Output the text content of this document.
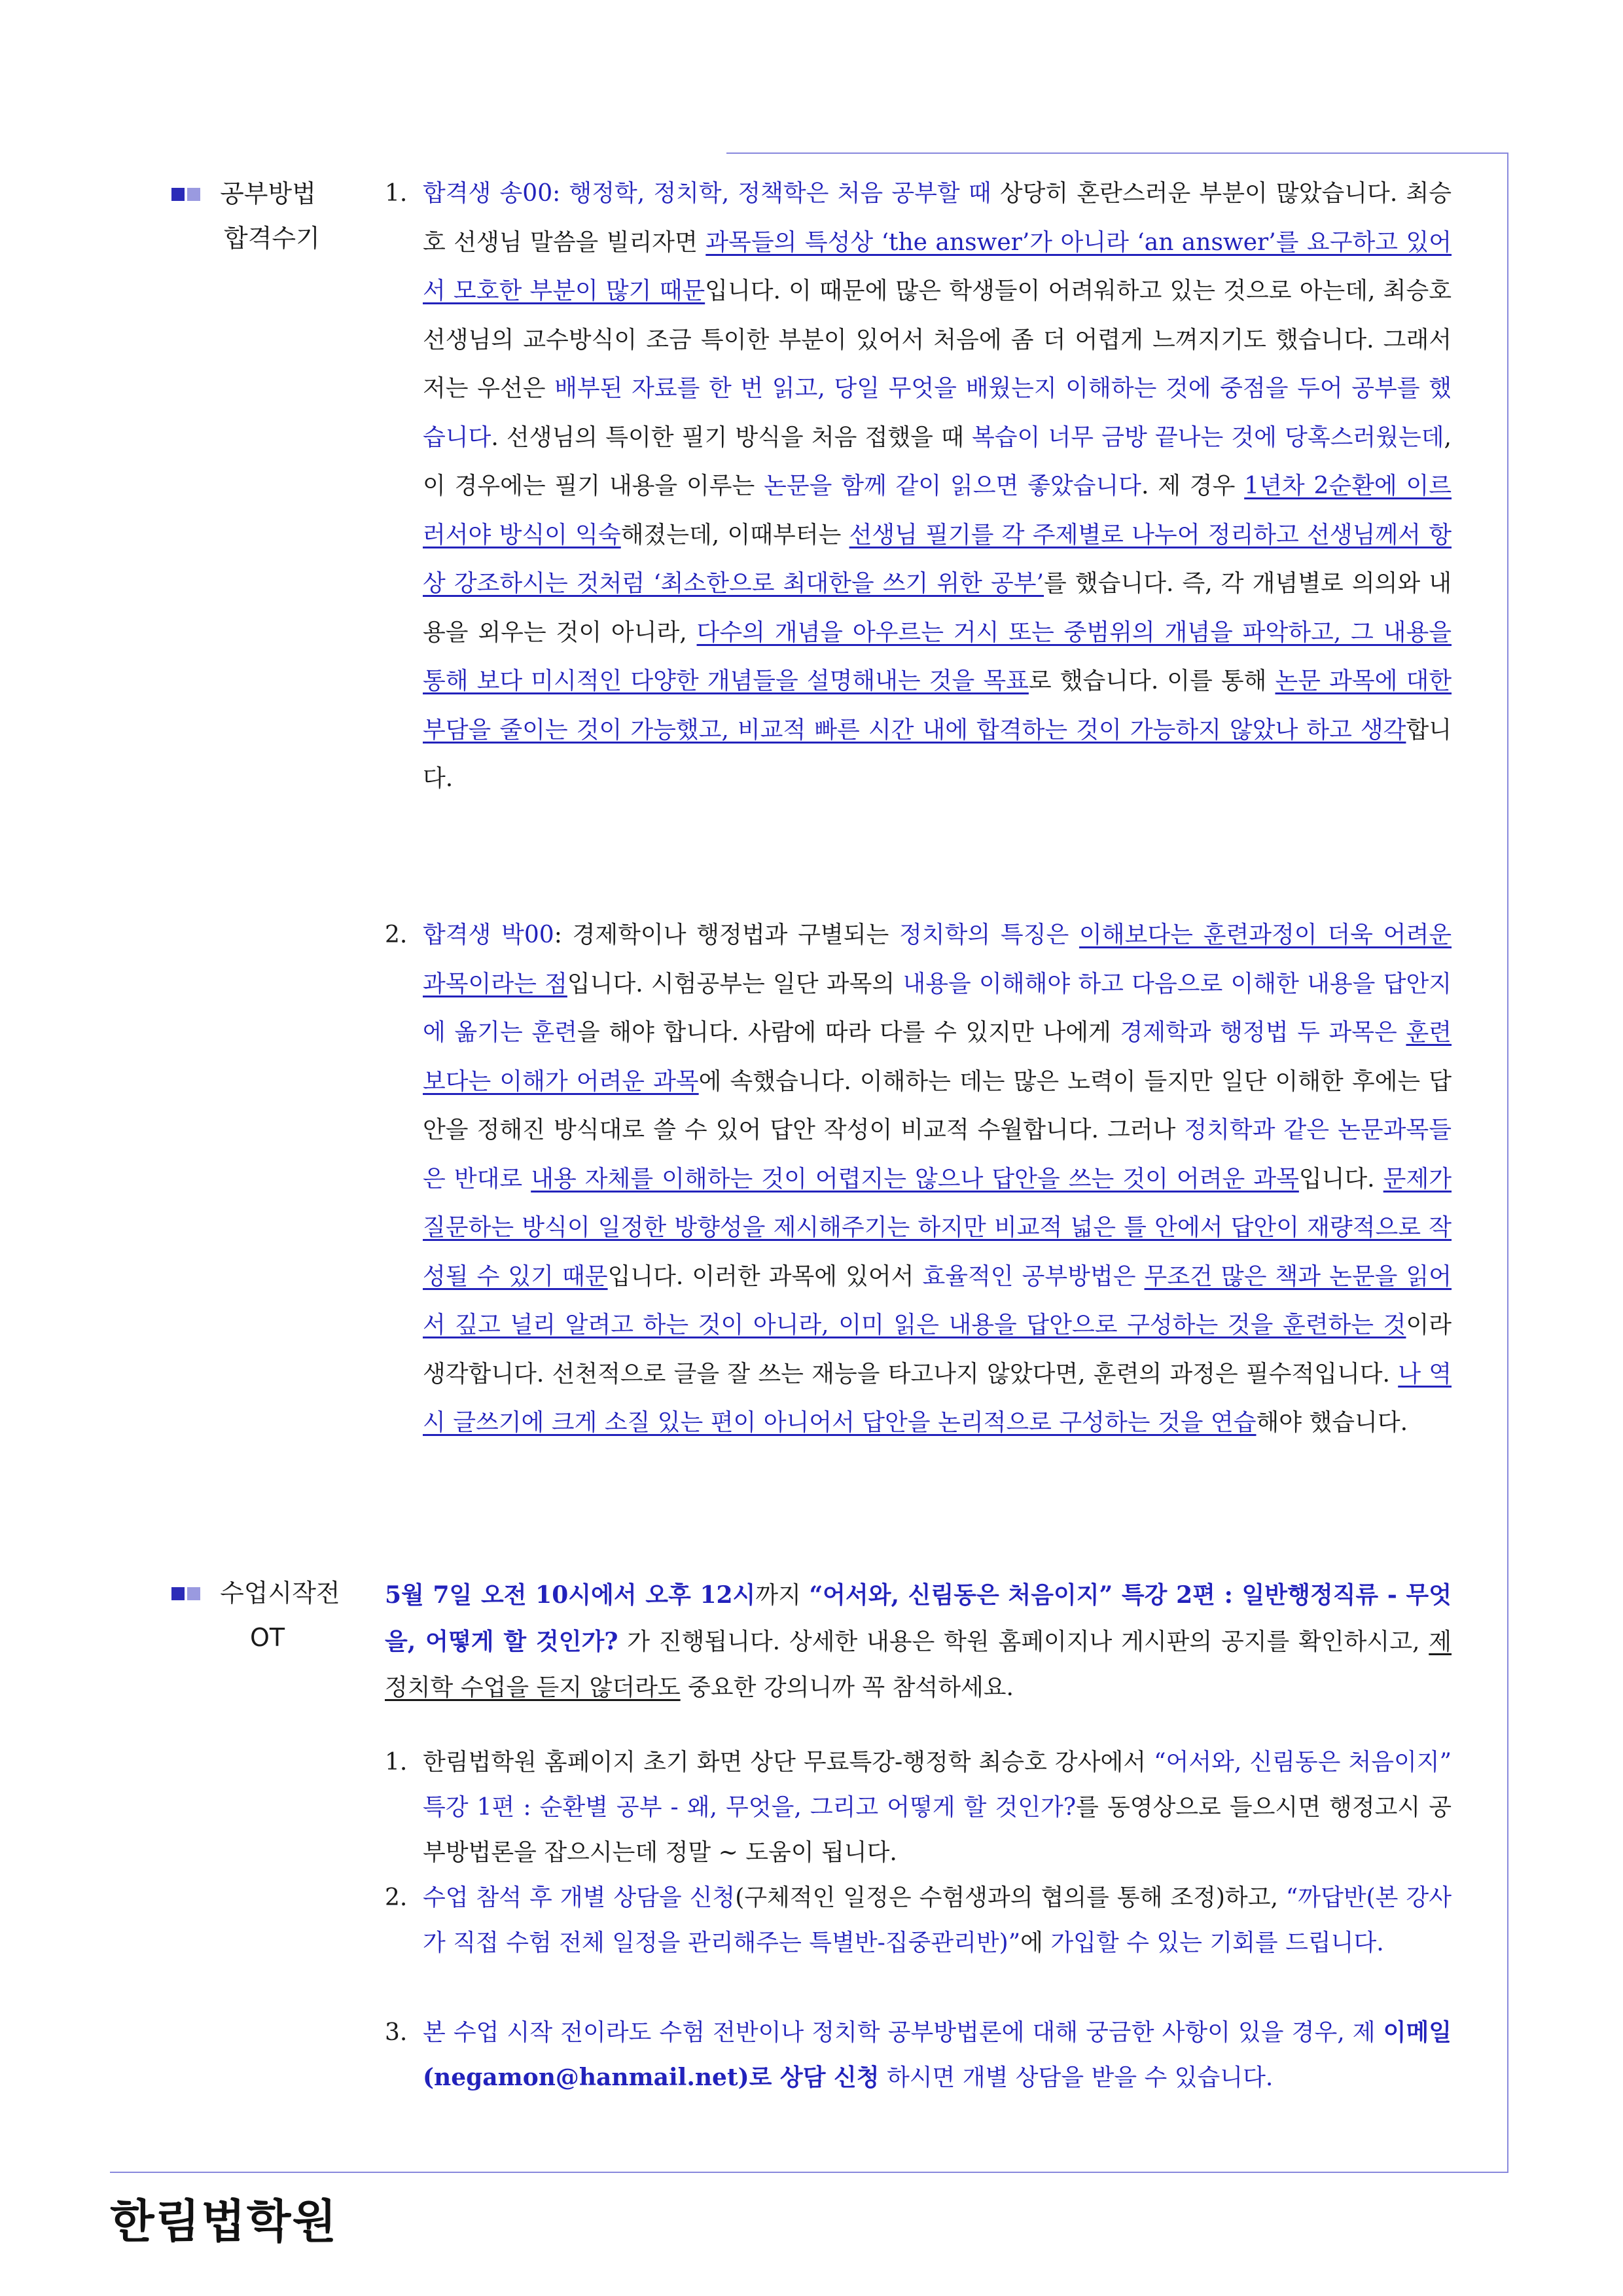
공부방법
합격수기
1. 합격생 송00: 행정학, 정치학, 정책학은 처음 공부할 때 상당히 혼란스러운 부분이 많았습니다. 최승호 선생님 말씀을 빌리자면 과목들의 특성상 ‘the answer’가 아니라 ‘an answer’를 요구하고 있어서 모호한 부분이 많기 때문입니다. 이 때문에 많은 학생들이 어려워하고 있는 것으로 아는데, 최승호 선생님의 교수방식이 조금 특이한 부분이 있어서 처음에 좀 더 어렵게 느껴지기도 했습니다. 그래서 저는 우선은 배부된 자료를 한 번 읽고, 당일 무엇을 배웠는지 이해하는 것에 중점을 두어 공부를 했습니다. 선생님의 특이한 필기 방식을 처음 접했을 때 복습이 너무 금방 끝나는 것에 당혹스러웠는데, 이 경우에는 필기 내용을 이루는 논문을 함께 같이 읽으면 좋았습니다. 제 경우 1년차 2순환에 이르러서야 방식이 익숙해졌는데, 이때부터는 선생님 필기를 각 주제별로 나누어 정리하고 선생님께서 항상 강조하시는 것처럼 ‘최소한으로 최대한을 쓰기 위한 공부’를 했습니다. 즉, 각 개념별로 의의와 내용을 외우는 것이 아니라, 다수의 개념을 아우르는 거시 또는 중범위의 개념을 파악하고, 그 내용을 통해 보다 미시적인 다양한 개념들을 설명해내는 것을 목표로 했습니다. 이를 통해 논문 과목에 대한 부담을 줄이는 것이 가능했고, 비교적 빠른 시간 내에 합격하는 것이 가능하지 않았나 하고 생각합니다.
2. 합격생 박00: 경제학이나 행정법과 구별되는 정치학의 특징은 이해보다는 훈련과정이 더욱 어려운 과목이라는 점입니다. 시험공부는 일단 과목의 내용을 이해해야 하고 다음으로 이해한 내용을 답안지에 옮기는 훈련을 해야 합니다. 사람에 따라 다를 수 있지만 나에게 경제학과 행정법 두 과목은 훈련보다는 이해가 어려운 과목에 속했습니다. 이해하는 데는 많은 노력이 들지만 일단 이해한 후에는 답안을 정해진 방식대로 쓸 수 있어 답안 작성이 비교적 수월합니다. 그러나 정치학과 같은 논문과목들은 반대로 내용 자체를 이해하는 것이 어렵지는 않으나 답안을 쓰는 것이 어려운 과목입니다. 문제가 질문하는 방식이 일정한 방향성을 제시해주기는 하지만 비교적 넓은 틀 안에서 답안이 재량적으로 작성될 수 있기 때문입니다. 이러한 과목에 있어서 효율적인 공부방법은 무조건 많은 책과 논문을 읽어서 깊고 널리 알려고 하는 것이 아니라, 이미 읽은 내용을 답안으로 구성하는 것을 훈련하는 것이라 생각합니다. 선천적으로 글을 잘 쓰는 재능을 타고나지 않았다면, 훈련의 과정은 필수적입니다. 나 역시 글쓰기에 크게 소질 있는 편이 아니어서 답안을 논리적으로 구성하는 것을 연습해야 했습니다.
수업시작전
OT
5월 7일 오전 10시에서 오후 12시까지 “어서와, 신림동은 처음이지” 특강 2편 : 일반행정직류 - 무엇을, 어떻게 할 것인가? 가 진행됩니다. 상세한 내용은 학원 홈페이지나 게시판의 공지를 확인하시고, 제 정치학 수업을 듣지 않더라도 중요한 강의니까 꼭 참석하세요.
1. 한림법학원 홈페이지 초기 화면 상단 무료특강-행정학 최승호 강사에서 “어서와, 신림동은 처음이지” 특강 1편 : 순환별 공부 - 왜, 무엇을, 그리고 어떻게 할 것인가?를 동영상으로 들으시면 행정고시 공부방법론을 잡으시는데 정말 ~ 도움이 됩니다.
2. 수업 참석 후 개별 상담을 신청(구체적인 일정은 수험생과의 협의를 통해 조정)하고, “까답반(본 강사가 직접 수험 전체 일정을 관리해주는 특별반-집중관리반)”에 가입할 수 있는 기회를 드립니다.
3. 본 수업 시작 전이라도 수험 전반이나 정치학 공부방법론에 대해 궁금한 사항이 있을 경우, 제 이메일(negamon@hanmail.net)로 상담 신청 하시면 개별 상담을 받을 수 있습니다.
한림법학원
